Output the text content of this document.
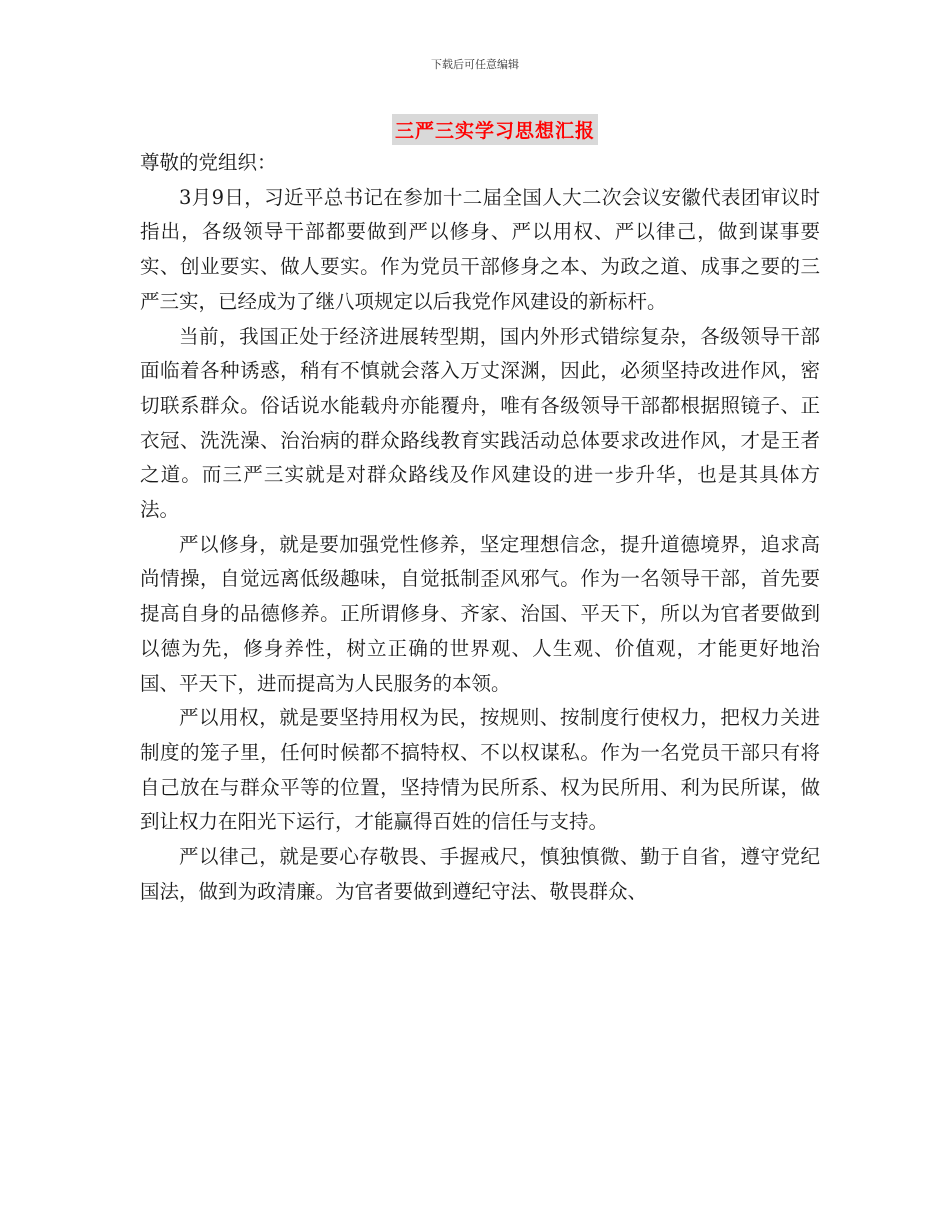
下载后可任意编辑
三严三实学习思想汇报

尊敬的党组织：

3月9日，习近平总书记在参加十二届全国人大二次会议安徽代表团审议时指出，各级领导干部都要做到严以修身、严以用权、严以律己，做到谋事要实、创业要实、做人要实。作为党员干部修身之本、为政之道、成事之要的三严三实，已经成为了继八项规定以后我党作风建设的新标杆。

当前，我国正处于经济进展转型期，国内外形式错综复杂，各级领导干部面临着各种诱惑，稍有不慎就会落入万丈深渊，因此，必须坚持改进作风，密切联系群众。俗话说水能载舟亦能覆舟，唯有各级领导干部都根据照镜子、正衣冠、洗洗澡、治治病的群众路线教育实践活动总体要求改进作风，才是王者之道。而三严三实就是对群众路线及作风建设的进一步升华，也是其具体方法。

严以修身，就是要加强党性修养，坚定理想信念，提升道德境界，追求高尚情操，自觉远离低级趣味，自觉抵制歪风邪气。作为一名领导干部，首先要提高自身的品德修养。正所谓修身、齐家、治国、平天下，所以为官者要做到以德为先，修身养性，树立正确的世界观、人生观、价值观，才能更好地治国、平天下，进而提高为人民服务的本领。

严以用权，就是要坚持用权为民，按规则、按制度行使权力，把权力关进制度的笼子里，任何时候都不搞特权、不以权谋私。作为一名党员干部只有将自己放在与群众平等的位置，坚持情为民所系、权为民所用、利为民所谋，做到让权力在阳光下运行，才能赢得百姓的信任与支持。

严以律己，就是要心存敬畏、手握戒尺，慎独慎微、勤于自省，遵守党纪国法，做到为政清廉。为官者要做到遵纪守法、敬畏群众、
